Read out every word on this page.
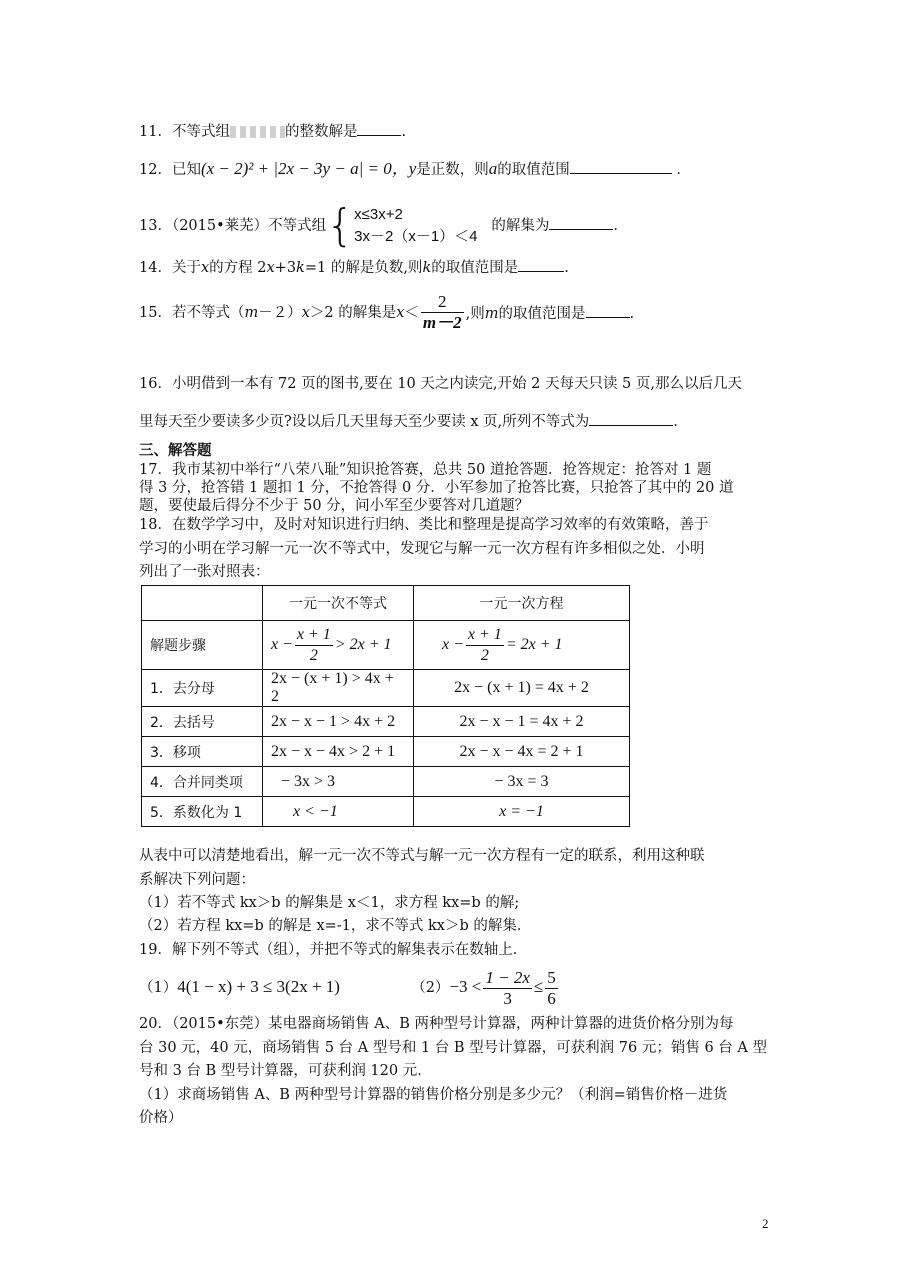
11．不等式组	的整数解是	.
12．已知(x − 2)² + |2x − 3y − a| = 0，y是正数，则a的取值范围	．
13．（2015•莱芜）不等式组{ x≤3x+2
3x－2（x－1）＜4
的解集为	.
14．关于x的方程 2x+3k=1 的解是负数,则k的取值范围是	.
15．若不等式（m－２）x＞2 的解集是$x< \frac{2}{m-2}$ ,则m的取值范围是	.
16．小明借到一本有 72 页的图书,要在 10 天之内读完,开始 2 天每天只读 5 页,那么以后几天
里每天至少要读多少页?设以后几天里每天至少要读 x 页,所列不等式为	.
三、解答题
17．我市某初中举行“八荣八耻”知识抢答赛，总共 50 道抢答题．抢答规定：抢答对 1 题
得 3 分，抢答错 1 题扣 1 分，不抢答得 0 分．小军参加了抢答比赛，只抢答了其中的 20 道
题，要使最后得分不少于 50 分，问小军至少要答对几道题？
18．在数学学习中，及时对知识进行归纳、类比和整理是提高学习效率的有效策略，善于
学习的小明在学习解一元一次不等式中，发现它与解一元一次方程有许多相似之处．小明
列出了一张对照表：
	一元一次不等式	一元一次方程
解题步骤	$x - \frac{x + 1}{2} > 2x + 1$	$x - \frac{x + 1}{2} = 2x + 1$
1．去分母	2x − (x + 1) > 4x + 2	2x − (x + 1) = 4x + 2
2．去括号	2x − x − 1 > 4x + 2	2x − x − 1 = 4x + 2
3．移项	2x − x − 4x > 2 + 1	2x − x − 4x = 2 + 1
4．合并同类项	− 3x > 3	− 3x = 3
5．系数化为 1	x < −1	x = −1
从表中可以清楚地看出，解一元一次不等式与解一元一次方程有一定的联系，利用这种联
系解决下列问题：
（1）若不等式 kx＞b 的解集是 x＜1，求方程 kx=b 的解;
（2）若方程 kx=b 的解是 x=-1，求不等式 kx＞b 的解集．
19．解下列不等式（组），并把不等式的解集表示在数轴上．
（1）4(1 − x) + 3 ≤ 3(2x + 1)	$(2)-3 < \frac{1 - 2x}{3} \le \frac{5}{6}$
20．（2015•东莞）某电器商场销售 A、B 两种型号计算器，两种计算器的进货价格分别为每
台 30 元，40 元，商场销售 5 台 A 型号和 1 台 B 型号计算器，可获利润 76 元；销售 6 台 A 型
号和 3 台 B 型号计算器，可获利润 120 元．
（1）求商场销售 A、B 两种型号计算器的销售价格分别是多少元？（利润=销售价格－进货
价格）
2
